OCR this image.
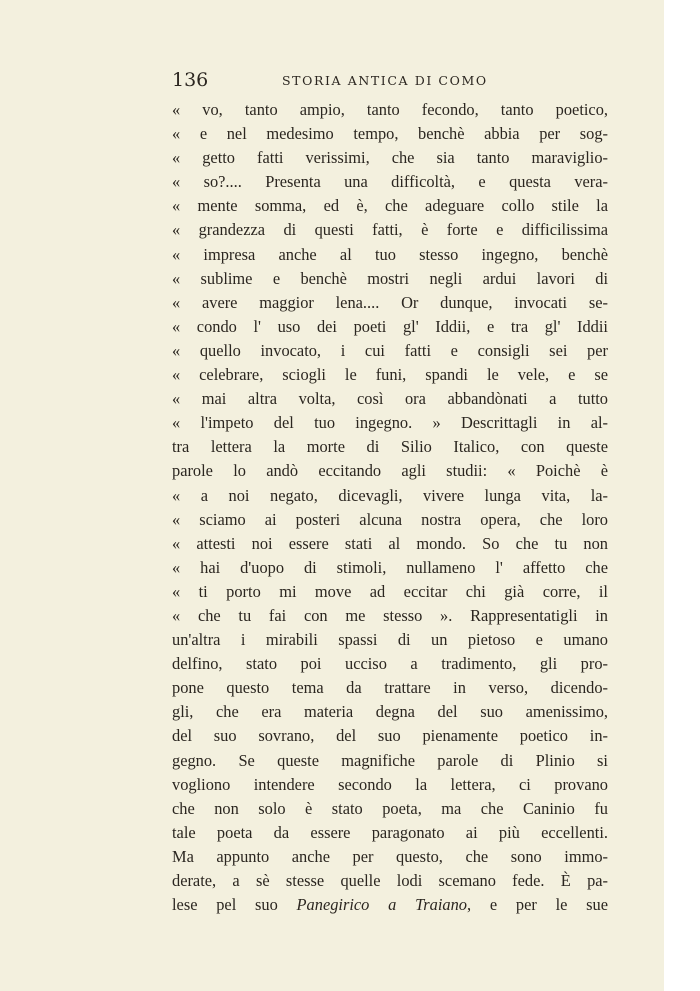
136	STORIA ANTICA DI COMO
« vo, tanto ampio, tanto fecondo, tanto poetico,
« e nel medesimo tempo, benchè abbia per sog-
« getto fatti verissimi, che sia tanto maraviglio-
« so?.... Presenta una difficoltà, e questa vera-
« mente somma, ed è, che adeguare collo stile la
« grandezza di questi fatti, è forte e difficilissima
« impresa anche al tuo stesso ingegno, benchè
« sublime e benchè mostri negli ardui lavori di
« avere maggior lena.... Or dunque, invocati se-
« condo l' uso dei poeti gl' Iddii, e tra gl' Iddii
« quello invocato, i cui fatti e consigli sei per
« celebrare, sciogli le funi, spandi le vele, e se
« mai altra volta, così ora abbandònati a tutto
« l'impeto del tuo ingegno. » Descrittagli in al-
tra lettera la morte di Silio Italico, con queste
parole lo andò eccitando agli studii: « Poichè è
« a noi negato, dicevagli, vivere lunga vita, la-
« sciamo ai posteri alcuna nostra opera, che loro
« attesti noi essere stati al mondo. So che tu non
« hai d'uopo di stimoli, nullameno l' affetto che
« ti porto mi move ad eccitar chi già corre, il
« che tu fai con me stesso ». Rappresentatigli in
un'altra i mirabili spassi di un pietoso e umano
delfino, stato poi ucciso a tradimento, gli pro-
pone questo tema da trattare in verso, dicendo-
gli, che era materia degna del suo amenissimo,
del suo sovrano, del suo pienamente poetico in-
gegno. Se queste magnifiche parole di Plinio si
vogliono intendere secondo la lettera, ci provano
che non solo è stato poeta, ma che Caninio fu
tale poeta da essere paragonato ai più eccellenti.
Ma appunto anche per questo, che sono immo-
derate, a sè stesse quelle lodi scemano fede. È pa-
lese pel suo Panegirico a Traiano, e per le sue
